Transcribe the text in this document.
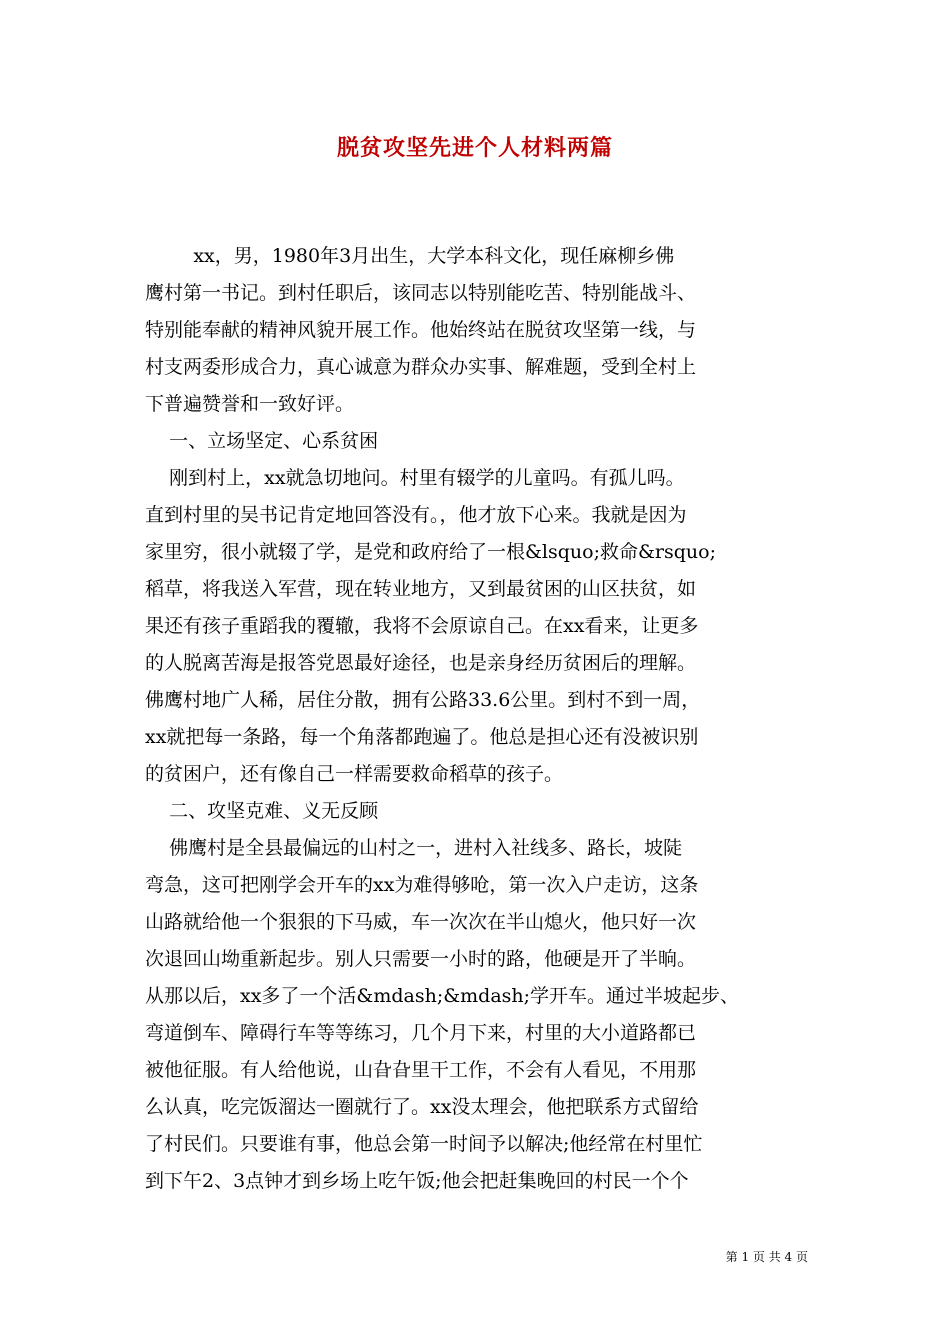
脱贫攻坚先进个人材料两篇
xx，男，1980年3月出生，大学本科文化，现任麻柳乡佛
鹰村第一书记。到村任职后，该同志以特别能吃苦、特别能战斗、
特别能奉献的精神风貌开展工作。他始终站在脱贫攻坚第一线，与
村支两委形成合力，真心诚意为群众办实事、解难题，受到全村上
下普遍赞誉和一致好评。
一、立场坚定、心系贫困
刚到村上，xx就急切地问。村里有辍学的儿童吗。有孤儿吗。
直到村里的吴书记肯定地回答没有。，他才放下心来。我就是因为
家里穷，很小就辍了学，是党和政府给了一根&lsquo;救命&rsquo;
稻草，将我送入军营，现在转业地方，又到最贫困的山区扶贫，如
果还有孩子重蹈我的覆辙，我将不会原谅自己。在xx看来，让更多
的人脱离苦海是报答党恩最好途径，也是亲身经历贫困后的理解。
佛鹰村地广人稀，居住分散，拥有公路33.6公里。到村不到一周，
xx就把每一条路，每一个角落都跑遍了。他总是担心还有没被识别
的贫困户，还有像自己一样需要救命稻草的孩子。
二、攻坚克难、义无反顾
佛鹰村是全县最偏远的山村之一，进村入社线多、路长，坡陡
弯急，这可把刚学会开车的xx为难得够呛，第一次入户走访，这条
山路就给他一个狠狠的下马威，车一次次在半山熄火，他只好一次
次退回山坳重新起步。别人只需要一小时的路，他硬是开了半晌。
从那以后，xx多了一个活&mdash;&mdash;学开车。通过半坡起步、
弯道倒车、障碍行车等等练习，几个月下来，村里的大小道路都已
被他征服。有人给他说，山旮旮里干工作，不会有人看见，不用那
么认真，吃完饭溜达一圈就行了。xx没太理会，他把联系方式留给
了村民们。只要谁有事，他总会第一时间予以解决;他经常在村里忙
到下午2、3点钟才到乡场上吃午饭;他会把赶集晚回的村民一个个
第 1 页 共 4 页
